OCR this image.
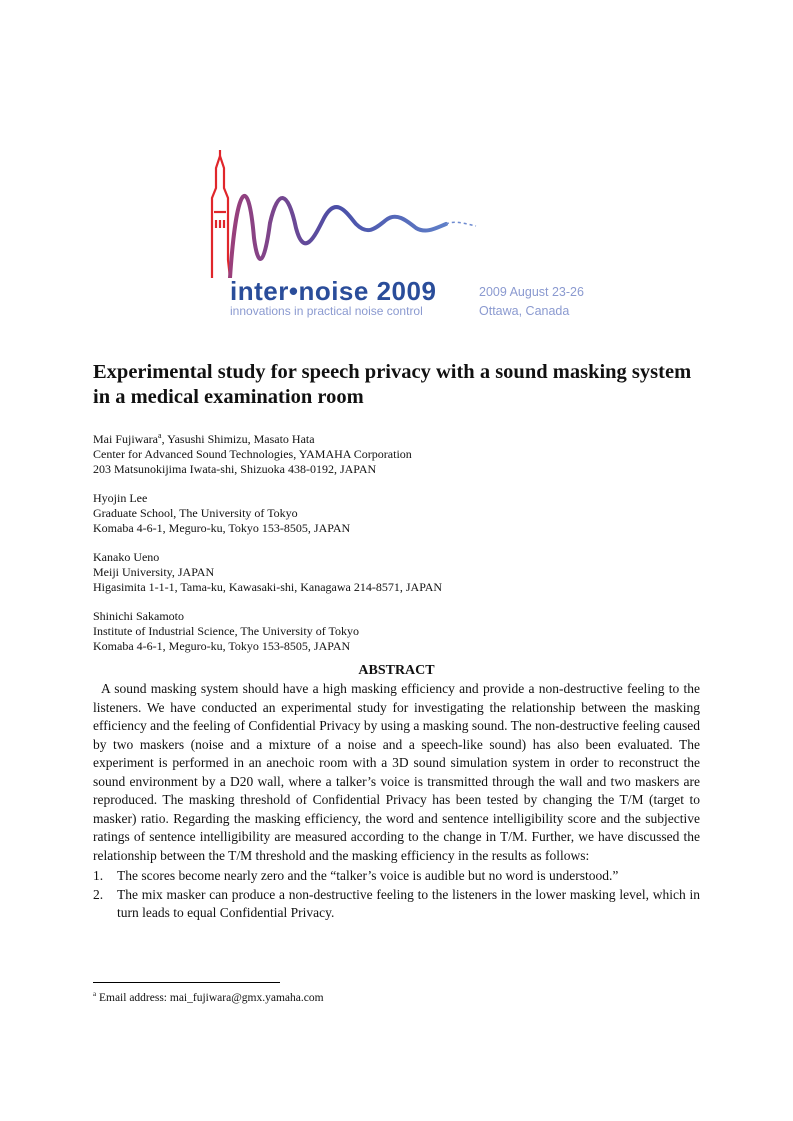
inter•noise 2009
innovations in practical noise control
2009 August 23-26
Ottawa, Canada
Experimental study for speech privacy with a sound masking system in a medical examination room
Mai Fujiwara$^a$, Yasushi Shimizu, Masato Hata
Center for Advanced Sound Technologies, YAMAHA Corporation
203 Matsunokijima Iwata-shi, Shizuoka 438-0192, JAPAN
Hyojin Lee
Graduate School, The University of Tokyo
Komaba 4-6-1, Meguro-ku, Tokyo 153-8505, JAPAN
Kanako Ueno
Meiji University, JAPAN
Higasimita 1-1-1, Tama-ku, Kawasaki-shi, Kanagawa 214-8571, JAPAN
Shinichi Sakamoto
Institute of Industrial Science, The University of Tokyo
Komaba 4-6-1, Meguro-ku, Tokyo 153-8505, JAPAN
ABSTRACT

A sound masking system should have a high masking efficiency and provide a non-destructive feeling to the listeners. We have conducted an experimental study for investigating the relationship between the masking efficiency and the feeling of Confidential Privacy by using a masking sound. The non-destructive feeling caused by two maskers (noise and a mixture of a noise and a speech-like sound) has also been evaluated. The experiment is performed in an anechoic room with a 3D sound simulation system in order to reconstruct the sound environment by a D20 wall, where a talker’s voice is transmitted through the wall and two maskers are reproduced. The masking threshold of Confidential Privacy has been tested by changing the T/M (target to masker) ratio. Regarding the masking efficiency, the word and sentence intelligibility score and the subjective ratings of sentence intelligibility are measured according to the change in T/M. Further, we have discussed the relationship between the T/M threshold and the masking efficiency in the results as follows:

1. The scores become nearly zero and the “talker’s voice is audible but no word is understood.”
2. The mix masker can produce a non-destructive feeling to the listeners in the lower masking level, which in turn leads to equal Confidential Privacy.
$^a$ Email address: mai_fujiwara@gmx.yamaha.com
